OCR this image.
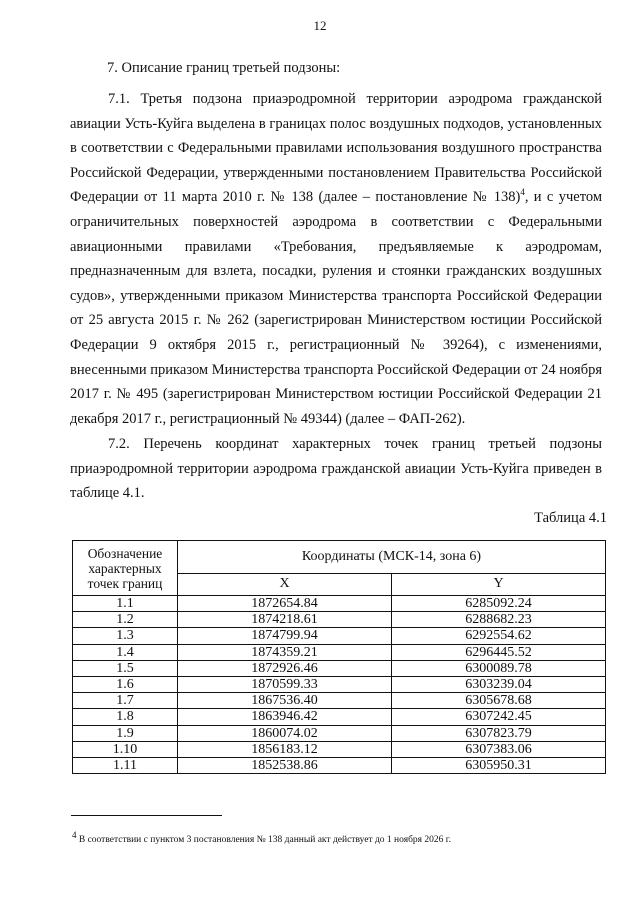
12
7. Описание границ третьей подзоны:

7.1. Третья подзона приаэродромной территории аэродрома гражданской авиации Усть-Куйга выделена в границах полос воздушных подходов, установленных в соответствии с Федеральными правилами использования воздушного пространства Российской Федерации, утвержденными постановлением Правительства Российской Федерации от 11 марта 2010 г. № 138 (далее – постановление № 138)$^4$, и с учетом ограничительных поверхностей аэродрома в соответствии с Федеральными авиационными правилами «Требования, предъявляемые к аэродромам, предназначенным для взлета, посадки, руления и стоянки гражданских воздушных судов», утвержденными приказом Министерства транспорта Российской Федерации от 25 августа 2015 г. № 262 (зарегистрирован Министерством юстиции Российской Федерации 9 октября 2015 г., регистрационный № 39264), с изменениями, внесенными приказом Министерства транспорта Российской Федерации от 24 ноября 2017 г. № 495 (зарегистрирован Министерством юстиции Российской Федерации 21 декабря 2017 г., регистрационный № 49344) (далее – ФАП-262).

7.2. Перечень координат характерных точек границ третьей подзоны приаэродромной территории аэродрома гражданской авиации Усть-Куйга приведен в таблице 4.1.

Таблица 4.1
Обозначение характерных точек границ	Координаты (МСК-14, зона 6)	
	X	Y
1.1	1872654.84	6285092.24
1.2	1874218.61	6288682.23
1.3	1874799.94	6292554.62
1.4	1874359.21	6296445.52
1.5	1872926.46	6300089.78
1.6	1870599.33	6303239.04
1.7	1867536.40	6305678.68
1.8	1863946.42	6307242.45
1.9	1860074.02	6307823.79
1.10	1856183.12	6307383.06
1.11	1852538.86	6305950.31
$^4$ В соответствии с пунктом 3 постановления № 138 данный акт действует до 1 ноября 2026 г.
